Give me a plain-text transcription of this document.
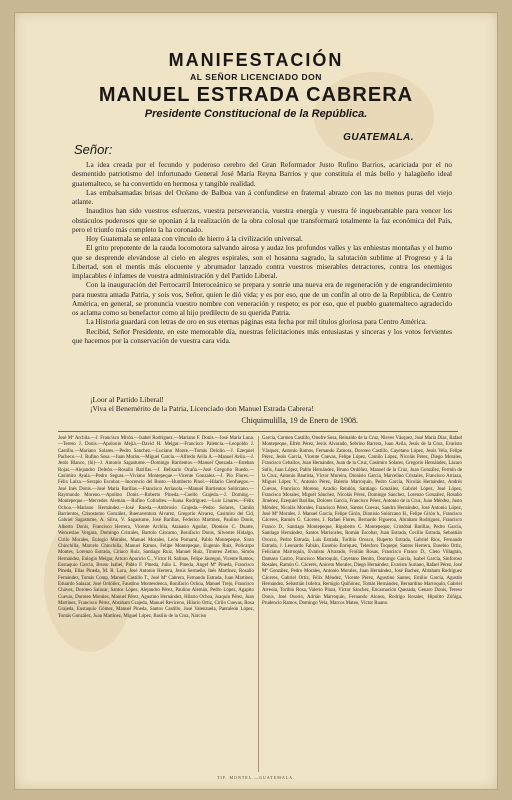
MANIFESTACIÓN
AL SEÑOR LICENCIADO DON
MANUEL ESTRADA CABRERA
Presidente Constitucional de la República.
GUATEMALA.
Señor:

La idea creada por el fecundo y poderoso cerebro del Gran Reformador Justo Rufino Barrios, acariciada por el no desmentido patriotismo del infortunado General José María Reyna Barrios y que constituía el más bello y halagüeño ideal guatemalteco, se ha convertido en hermosa y tangible realidad.

Las embalsamadas brisas del Océano de Balboa van á confundirse en fraternal abrazo con las no menos puras del viejo atlante.

Inauditos han sido vuestros esfuerzos, vuestra perseverancia, vuestra energía y vuestra fé inquebrantable para vencer los obstáculos poderosos que se oponían á la realización de la obra colosal que transformará totalmente la faz económica del País, pero el triunfo más completo la ha coronado.

Hoy Guatemala se enlaza con vínculo de hierro á la civilización universal.

El grito prepotente de la rauda locomotora salvando airosa y audaz los profundos valles y las enhiestas montañas y el humo que se desprende elevándose al cielo en alegres espirales, son el hosanna sagrado, la salutación sublime al Progreso y á la Libertad, son el mentís más elocuente y abrumador lanzado contra vuestros miserables detractores, contra los enemigos implacables é infames de vuestra administración y del Partido Liberal.

Con la inauguración del Ferrocarril Interoceánico se prepara y sonríe una nueva era de regeneración y de engrandecimiento para nuestra amada Patria, y sois vos, Señor, quien le dió vida; y es por eso, que de un confín al otro de la República, de Centro América, en general, se pronuncia vuestro nombre con veneración y respeto; es por eso, que el pueblo guatemalteco agradecido os aclama como su benefactor como al hijo predilecto de su querida Patria.

La Historia guardará con letras de oro en sus eternas páginas esta fecha por mil títulos gloriosa para Centro América.

Recibid, Señor Presidente, en este memorable día, nuestras felicitaciones más entusiastas y sinceras y los votos fervientes que hacemos por la conservación de vuestra cara vida.

¡Loor al Partido Liberal!
¡Viva el Benemérito de la Patria, Licenciado don Manuel Estrada Cabrera!
Chiquimulilla, 19 de Enero de 1908.

José Mª Archila.—J. Francisco Mirón.—Isabel Rodríguez.—Mariano F. Donis.—José María Luna.—Tereso J. Donis.—Apolonio Mejía.—David H. Melgar.—Francisco Palencia.—Leopoldo J. Castillo.—Mariano Solares.—Pedro Sanchez.—Luciano Monte.—Tomás Delolio.—J. Ezequiel Pacheco.—J. Rufino Sosa.—Juan Morán.—Miguel García.—Alfredo Avila A.—Manuel Avila.—J. Jesús Blanco, (hi)—J. Antonio Sagastume.—Domingo Barrientos.—Manuel Quezada.—Esteban Rojas.—Alejandro Deleón.—Rosalio Barillas.—J. Belisario Ocaña.—José Gregorio Ruedo.—Casimiro Ayala.—Pedro Segura.—Viviano Montepeque.—Vicente Gonzalez.—J. Pío Flores.—Félix Laíza.—Serapio Escobar.—Inocencio del Busto.—Humberto Pinol.—Hilario Cienfuegos.—José Inés Donis.—José María Barillas.—Francisco Arriasola.—Manuel Barrientos Solórzano.—Raymundo Moreno.—Apolino Donis.—Roberto Pineda.—Coello Grajeda.—J. Doming.—Montepeque.—Mercedes Alemán.—Rufino Colindres.—Juana Rodríguez.—Luis Linares.—Félix Ochoa.—Mariano Hernández.—José Rueda.—Ambrosio Grajeda.—Pedro Solares, Camilo Barrientos, Crisostomo González, Buenaventura Alvarez, Gregorio Alvarez, Casimiro del Cid, Gabriel Sagastume, A. Silva, V. Sagastume, José Barillas, Federico Martínez, Paulino Donis, Alberto Donis, Francisco Herrera, Vicente Archila, Atanasio Aguilar, Dionisio C. Duarte, Wenceslao Vergara, Domingo Cristales, Bartolo Cárcamo, Bonifacio Donis, Silvestre Hidalgo, Cirilo Morales, Eulogio Morales, Manuel Morales, León Pomarol, Pablo Montepeque, Sixto Chinchilla, Marcelo Chinchilla, Manuel Ramos, Felipe Montepeque, Eugenio Ruiz, Policarpo Montes, Lorenzo Estrada, Ciriaco Ruiz, Santiago Ruiz, Manuel Ruiz, Timoteo Zetino, Simón Hernández, Eulogio Melgar, Arturo Aparicio C., Víctor H. Salinas, Felipe Jáuregui, Vicente Ramos, Eustaquio García, Bruno Isabel, Pablo F. Pineda, Julio L. Pineda, Angel Mª Pineda, Francisco Pineda, Elías Pineda, M. R. Lora, José Antonio Herrera, Jesús Sermeño, Inés Martínez, Rosalío Fernández, Tomás Comp, Manuel Castillo T., José Mª Cabrera, Fernando Estrada, Juan Martínez, Eduardo Salazar, José Ordóñez, Faustino Montesdeoca, Bonifacio Ochoa, Manuel Trejo, Francisco Chávez, Doroteo Salazar, Santos López, Alejandro Pérez, Paulino Alemán, Pedro López, Agapito Cuevas, Doroteo Morales, Manuel Pérez, Agustino Hernández, Hilario Ochoa, Joaquín Pérez, Juan Martínez, Francisco Pérez, Abraham Grajeda, Manuel Reviceno, Hilario Ortiz, Cirilo Cuevas, Rosa Grajeda, Eustaquio Gómez, Manuel Pineda, Santos Castillo, José Valenzuela, Pantaleón López, Tomás González, Juan Martínez, Miguel López, Basilio de la Cruz, Narciso

García, Carmen Castillo, Onofre Sosa, Reinaldo de la Cruz, Nieves Vásquez, José María Díaz, Rafael Montepeque, Efrén Pérez, Jesús Alvarado, Sebrino Barrera, Juan Avila, Jesús de la Cruz, Evaristo Vásquez, Antonio Ramos, Fernando Zamora, Doroteo Castillo, Cayetano López, Jesús Vela, Felipe Pérez, Jesús García, Vicente Cuevas, Felipe López, Camilo López, Nicolás Pérez, Diego Morales, Francisco Ceballos, Juan Hernández, Juan de la Cruz, Casimiro Solares, Gregorio Hernández, Lázaro Solís, Juan López, Pablo Hernández, Bruno Ordóñez, Manuel de la Cruz, Juan González, Fermín de la Cruz, Antonio Bautista, Víctor Moreira, Dionisio García, Marcelino Cristales, Francisco Arriaza, Miguel López V., Antonio Pérez, Balerio Marroquín, Pedro García, Nicolás Hernández, Andrés Cuevas, Francisco Moreno, Acadio Rendón, Santiago González, Gabriel López, José López, Francisco Morales, Miguel Sánchez, Nicolás Pérez, Domingo Sánchez, Lorenzo González, Rosalío Jiménez, Ezequiel Barillas, Dolores García, Francisco Pérez, Antonio de la Cruz, Juan Méndez, Justo Méndez, Nicolás Morales, Francisco Pérez, Santos Cuevas, Sandra Hernández, José Antonio López, José Mª Morales, J. Manuel García, Felipe Girón, Dionisio Solórzano H., Felipe Girón h., Francisco Cáceres, Ramón G. Cáceres, J. Rafael Flores, Bernardo Figueroa, Abraham Rodríguez, Francisco Franco D., Santiago Montepeque, Rigoberto C. Montepeque, Cristóbal Barillas, Pedro García, Santiago Hernández, Santos Mariscales, Román Escobar, Juan Estrada, Cecilio Estrada, Sebastián Orozco, Pedro Estrada, Luis Estrada, Toribio Orozco, Ruperto Estrada, Gabriel Ríos, Fernando Estrada, J. Leonardo Fabián, Eusebio Enríquez, Telesforo Toquepé, Santos Herrera, Eusebio Ortiz, Feliciano Marroquín, Evaristo Alvarado, Froilán Rosas, Francisco Franco D., Cleto Villagrán, Damaso Castro, Francisco Marroquín, Cayetano Benito, Domingo García, Isabel García, Sinforoso Rosales, Ramón G. Cáceres, Aniceto Morales, Diego Hernández, Evaristo Suriano, Rafael Pérez, José Mª González, Pedro Morales, Antonio Morales, Juan Hernández, José Bachez, Abraham Rodríguez Cáceres, Gabriel Ortiz, Félix Méndez, Vicente Pérez, Agustino Santos, Emilio García, Agustín Hernández, Sebastián Ixdelca, Remigio Quiñónez, Tomás Hernández, Bernardino Marroquín, Gabriel Arreola, Toribio Rosa, Valerio Plaza, Víctor Sánchez, Encarnación Quezada, Genaro Donis, Tereso Donis, José Osorio, Adrián Marroquín, Fernando Alonso, Rodrigo Rosales, Hipólito Zúñiga, Prudencio Ramos, Domingo Vela, Marcos Mateo, Víctor Ruano.

TIP. MONTEL.—GUATEMALA.
